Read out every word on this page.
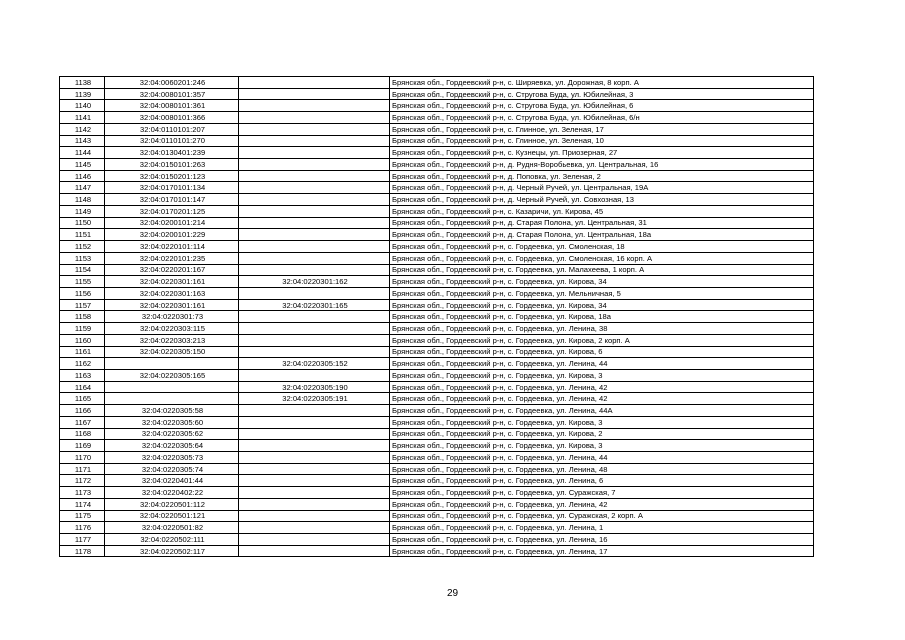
1138	32:04:0060201:246		Брянская обл., Гордеевский р-н, с. Ширяевка, ул. Дорожная, 8 корп. А
1139	32:04:0080101:357		Брянская обл., Гордеевский р-н, с. Стругова Буда, ул. Юбилейная, 3
1140	32:04:0080101:361		Брянская обл., Гордеевский р-н, с. Стругова Буда, ул. Юбилейная, 6
1141	32:04:0080101:366		Брянская обл., Гордеевский р-н, с. Стругова Буда, ул. Юбилейная, 6/н
1142	32:04:0110101:207		Брянская обл., Гордеевский р-н, с. Глинное, ул. Зеленая, 17
1143	32:04:0110101:270		Брянская обл., Гордеевский р-н, с. Глинное, ул. Зеленая, 10
1144	32:04:0130401:239		Брянская обл., Гордеевский р-н, с. Кузнецы, ул. Приозерная, 27
1145	32:04:0150101:263		Брянская обл., Гордеевский р-н, д. Рудня-Воробьевка, ул. Центральная, 16
1146	32:04:0150201:123		Брянская обл., Гордеевский р-н, д. Поповка, ул. Зеленая, 2
1147	32:04:0170101:134		Брянская обл., Гордеевский р-н, д. Черный Ручей, ул. Центральная, 19А
1148	32:04:0170101:147		Брянская обл., Гордеевский р-н, д. Черный Ручей, ул. Совхозная, 13
1149	32:04:0170201:125		Брянская обл., Гордеевский р-н, с. Казаричи, ул. Кирова, 45
1150	32:04:0200101:214		Брянская обл., Гордеевский р-н, д. Старая Полона, ул. Центральная, 31
1151	32:04:0200101:229		Брянская обл., Гордеевский р-н, д. Старая Полона, ул. Центральная, 18а
1152	32:04:0220101:114		Брянская обл., Гордеевский р-н, с. Гордеевка, ул. Смоленская, 18
1153	32:04:0220101:235		Брянская обл., Гордеевский р-н, с. Гордеевка, ул. Смоленская, 16 корп. А
1154	32:04:0220201:167		Брянская обл., Гордеевский р-н, с. Гордеевка, ул. Малахеева, 1 корп. А
1155	32:04:0220301:161	32:04:0220301:162	Брянская обл., Гордеевский р-н, с. Гордеевка, ул. Кирова, 34
1156	32:04:0220301:163		Брянская обл., Гордеевский р-н, с. Гордеевка, ул. Мельничная, 5
1157	32:04:0220301:161	32:04:0220301:165	Брянская обл., Гордеевский р-н, с. Гордеевка, ул. Кирова, 34
1158	32:04:0220301:73		Брянская обл., Гордеевский р-н, с. Гордеевка, ул. Кирова, 18а
1159	32:04:0220303:115		Брянская обл., Гордеевский р-н, с. Гордеевка, ул. Ленина, 38
1160	32:04:0220303:213		Брянская обл., Гордеевский р-н, с. Гордеевка, ул. Кирова, 2 корп. А
1161	32:04:0220305:150		Брянская обл., Гордеевский р-н, с. Гордеевка, ул. Кирова, 6
1162		32:04:0220305:152	Брянская обл., Гордеевский р-н, с. Гордеевка, ул. Ленина, 44
1163	32:04:0220305:165		Брянская обл., Гордеевский р-н, с. Гордеевка, ул. Кирова, 3
1164		32:04:0220305:190	Брянская обл., Гордеевский р-н, с. Гордеевка, ул. Ленина, 42
1165		32:04:0220305:191	Брянская обл., Гордеевский р-н, с. Гордеевка, ул. Ленина, 42
1166	32:04:0220305:58		Брянская обл., Гордеевский р-н, с. Гордеевка, ул. Ленина, 44А
1167	32:04:0220305:60		Брянская обл., Гордеевский р-н, с. Гордеевка, ул. Кирова, 3
1168	32:04:0220305:62		Брянская обл., Гордеевский р-н, с. Гордеевка, ул. Кирова, 2
1169	32:04:0220305:64		Брянская обл., Гордеевский р-н, с. Гордеевка, ул. Кирова, 3
1170	32:04:0220305:73		Брянская обл., Гордеевский р-н, с. Гордеевка, ул. Ленина, 44
1171	32:04:0220305:74		Брянская обл., Гордеевский р-н, с. Гордеевка, ул. Ленина, 48
1172	32:04:0220401:44		Брянская обл., Гордеевский р-н, с. Гордеевка, ул. Ленина, 6
1173	32:04:0220402:22		Брянская обл., Гордеевский р-н, с. Гордеевка, ул. Суражская, 7
1174	32:04:0220501:112		Брянская обл., Гордеевский р-н, с. Гордеевка, ул. Ленина, 42
1175	32:04:0220501:121		Брянская обл., Гордеевский р-н, с. Гордеевка, ул. Суражская, 2 корп. А
1176	32:04:0220501:82		Брянская обл., Гордеевский р-н, с. Гордеевка, ул. Ленина, 1
1177	32:04:0220502:111		Брянская обл., Гордеевский р-н, с. Гордеевка, ул. Ленина, 16
1178	32:04:0220502:117		Брянская обл., Гордеевский р-н, с. Гордеевка, ул. Ленина, 17
29
